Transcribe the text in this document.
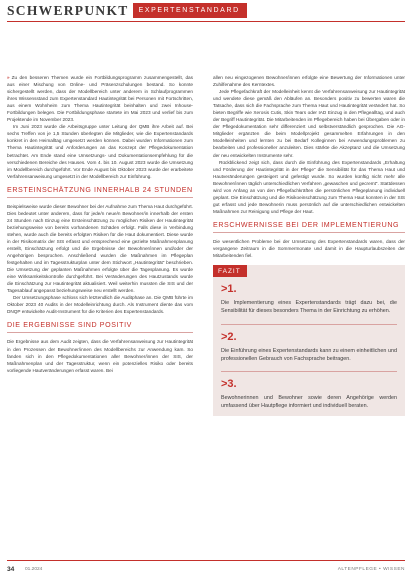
SCHWERPUNKT	EXPERTENSTANDARD

» Zu den besseren Themen wurde ein Fortbildungsprogramm zusammengestellt, das aus einer Mischung von Online- und Präsenzschulungen bestand. So konnte sichergestellt werden, dass der Modellbereich unter anderem in Schlaufprogrammen ihres Wissensstand zum Expertenstandard Hautintegrität bei Personen mit Fortschritten, aus einem Wohnheim zum Thema Hautintegrität beinhalten und zwei Inhouse-Fortbildungen belegen. Die Fortbildungsphase startete im Mai 2023 und verlief bis zum Projektende im November 2023.

Im Juni 2023 wurde die Arbeitsgruppe unter Leitung der QMB ihre Arbeit auf. Bei sechs Treffen von je 1,5 Stunden überlegten die Mitglieder, wie die Expertenstandards konkret in den Heimalltag umgesetzt werden können. Dabei wurden Informationen zum Thema Hautintegrität und Anforderungen an das Konzept der Pflegedokumentation betrachtet. Am Ende stand eine Umsetzungs- und Dokumentationsempfehlung für die verschiedenen Bereiche des Hauses. Vom 4. bis 10. August 2023 wurde die Umsetzung im Modellbereich durchgeführt. Vor Ende August bis Oktober 2023 wurde der erarbeitete Verfahrensanweisung umgesetzt in der Modellbereich zur Einführung.

ERSTEINSCHÄTZUNG INNERHALB 24 STUNDEN

Beispielsweise wurde dieser Bewohner bei der Aufnahme zum Thema Haut durchgeführt. Dies bedeutet unter anderem, dass für jede/n neue/n Bewohner/in innerhalb der ersten 24 Stunden nach Einzug eine Ersteinschätzung zu möglichen Risiken der Hautintegrität beziehungsweise von bereits vorhandenen Schäden erfolgt. Falls diese in Verbindung stehen, wurde auch die bereits erfolgten Risiken für die Haut dokumentiert. Diese wurde in der Risikomatrix der SIS erfasst und entsprechend eine gezielte Maßnahmenplanung erstellt, Einschätzung erfolgt und die Ergebnisse der Bewohner/innen und/oder der Angehörigen besprochen. Anschließend wurden die Maßnahmen im Pflegeplan festgehalten und im Tagesstrukturplan unter dem Stichwort „Hautintegrität“ beschrieben. Die Umsetzung der geplanten Maßnahmen erfolgte über die Tagesplanung. Es wurde eine Wirksamkeitskontrolle durchgeführt. Bei Veränderungen des Hautzustands wurde die Einschätzung zur Hautintegrität aktualisiert. Weil weiterhin mussten die SIS und der Tagesablauf angepasst beziehungsweise neu erstellt werden.

Der Umsetzungsphase schloss sich letztendlich die Auditphase an. Die QMB führte im Oktober 2023 40 Audits in der Modelleinrichtung durch. Als Instrument diente das vom DNQP entwickelte Audit-Instrument für die Kriterien des Expertenstandards.

DIE ERGEBNISSE SIND POSITIV

Die Ergebnisse aus dem Audit zeigten, dass die Verfahrensanweisung zur Hautintegrität in den Prozessen der Bewohner/innen des Modellbereichs zur Anwendung kam. So fanden sich in den Pflegedokumentationen aller Bewohner/innen der SIS, der Maßnahmenplan und der Tagesstruktur, wenn ein potenzielles Risiko oder bereits vorliegende Hautveränderungen erfasst waren. Bei

allen neu eingezogenen Bewohner/innen erfolgte eine Bewertung der Informationen unter Zuhilfenahme des Kerntextes.

Jede Pflegefachkraft der Modelleinheit kennt die Verfahrensanweisung zur Hautintegrität und wendete diese gemäß den Abläufen an. Besonders positiv zu bewerten waren die Tatsache, dass sich die Fachsprache zum Thema Haut und Hautintegrität verändert hat. So bieten Begriffe wie Xerosis Cutis, Skin Tears oder IAD Einzug in den Pflegealltag, und auch der Begriff Hautintegrität. Die Mitarbeitenden im Pflegebereich haben bei Übergaben oder in der Pflegedokumentation sehr differenziert und selbstverständlich gesprochen. Die AG-Mitglieder ergänzten die beim Modellprojekt gesammelten Erfahrungen in den Modelleinheiten und lernten zu bei Bedarf Kolleginnen bei Anwendungsproblemen zu bearbeiten und professioneller anzuleiten. Dies stärkte die Akzeptanz und die Umsetzung der neu entwickelten Instrumente sehr.

Rückblickend zeigt sich, dass durch die Einführung des Expertenstandards „Erhaltung und Förderung der Hautintegrität in der Pflege“ die Sensibilität für das Thema Haut und Hautveränderungen gesteigert und gefestigt wurde. So wurden künftig nicht mehr alle Bewohner/innen täglich unterschiedlichen Verfahren „gewaschen und gecremt“. Stattdessen wird von Anfang an von den Pflegefachkräften die persönlichen Pflegeplanung individuell geplant. Die Einschätzung und die Risikoeinschätzung zum Thema Haut konnten in der SIS gut erfasst und jede Bewohnerin muss persönlich auf die unterschiedlichen entwickelten Maßnahmen zur Reinigung und Pflege der Haut.

ERSCHWERNISSE BEI DER IMPLEMENTIERUNG

Die wesentlichen Probleme bei der Umsetzung des Expertenstandards waren, dass der vergangene Zeitraum in die Sommermonate und damit in die Haupturlaubszeiten der Mitarbeitenden fiel.

FAZIT
>1.
Die Implementierung eines Expertenstandards trägt dazu bei, die Sensibilität für dieses besonders Thema in der Einrichtung zu erhöhen.
>2.
Die Einführung eines Expertenstandards kann zu einem einheitlichen und professionellen Gebrauch von Fachsprache beitragen.
>3.
Bewohnerinnen und Bewohner sowie deren Angehörige werden umfassend über Hautpflege informiert und individuell beraten.
34 01.2024	ALTENPFLEGE • WISSEN
